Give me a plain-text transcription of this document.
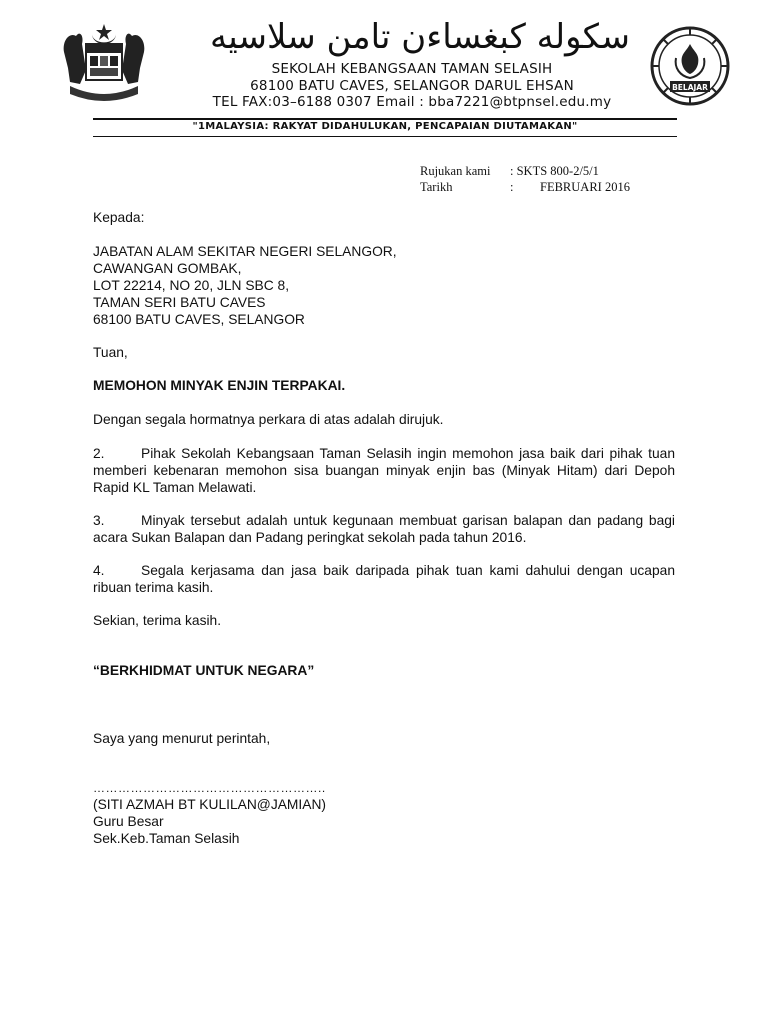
سكوله كبغساءن تامن سلاسيه
BELAJAR
SEKOLAH KEBANGSAAN TAMAN SELASIH
68100 BATU CAVES, SELANGOR DARUL EHSAN
TEL FAX:03–6188 0307 Email : bba7221@btpnsel.edu.my
"1MALAYSIA: RAKYAT DIDAHULUKAN, PENCAPAIAN DIUTAMAKAN"
Rujukan kami : SKTS 800-2/5/1
Tarikh	: FEBRUARI 2016
Kepada:
JABATAN ALAM SEKITAR NEGERI SELANGOR,
CAWANGAN GOMBAK,
LOT 22214, NO 20, JLN SBC 8,
TAMAN SERI BATU CAVES
68100 BATU CAVES, SELANGOR
Tuan,
MEMOHON MINYAK ENJIN TERPAKAI.
Dengan segala hormatnya perkara di atas adalah dirujuk.
2.	Pihak Sekolah Kebangsaan Taman Selasih ingin memohon jasa baik dari pihak tuan memberi kebenaran memohon sisa buangan minyak enjin bas (Minyak Hitam) dari Depoh Rapid KL Taman Melawati.
3.	Minyak tersebut adalah untuk kegunaan membuat garisan balapan dan padang bagi acara Sukan Balapan dan Padang peringkat sekolah pada tahun 2016.
4.	Segala kerjasama dan jasa baik daripada pihak tuan kami dahului dengan ucapan ribuan terima kasih.
Sekian, terima kasih.
“BERKHIDMAT UNTUK NEGARA”
Saya yang menurut perintah,
………………………………………………..
(SITI AZMAH BT KULILAN@JAMIAN)
Guru Besar
Sek.Keb.Taman Selasih
